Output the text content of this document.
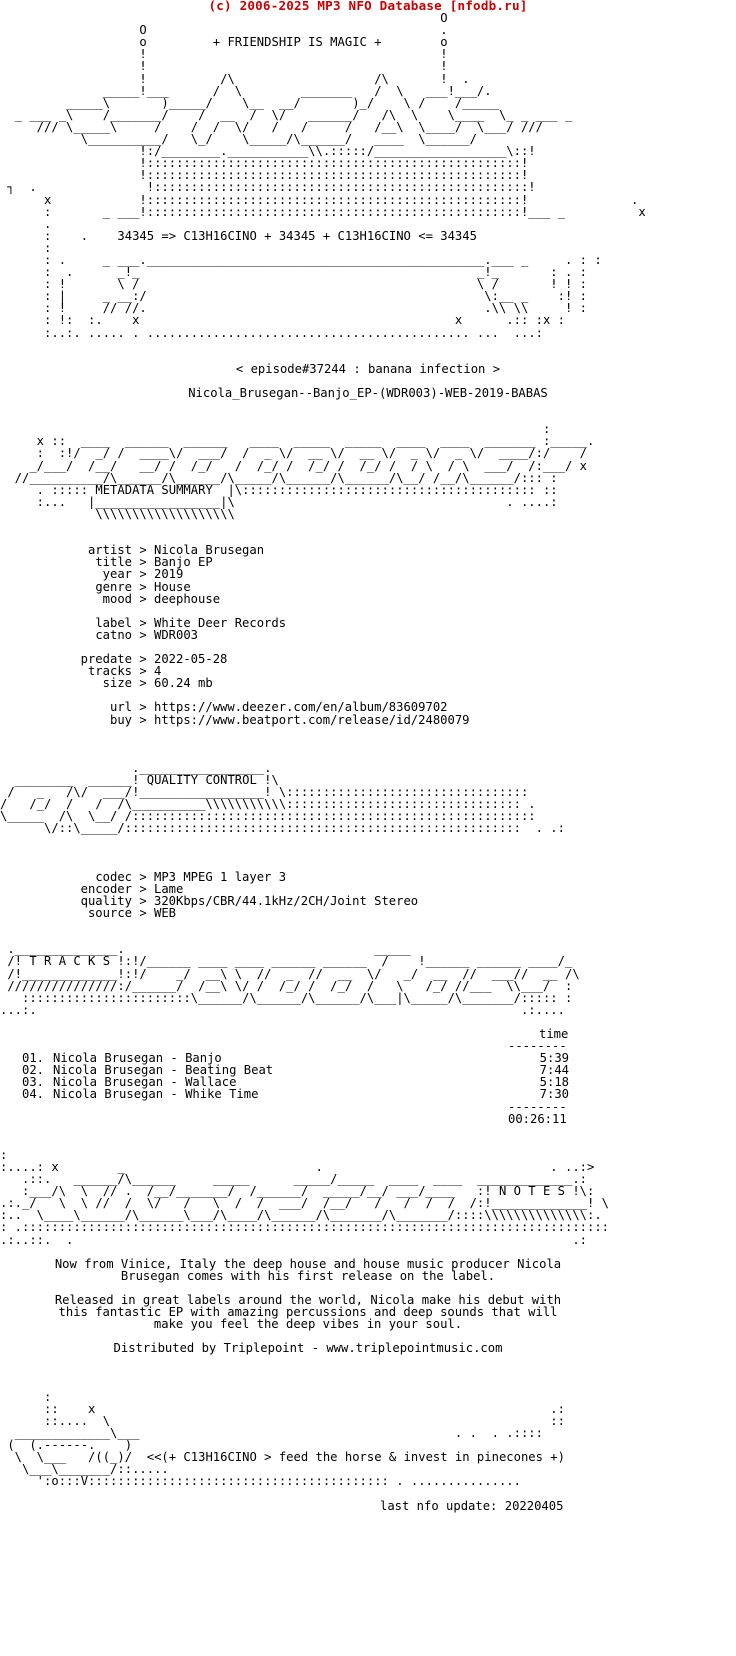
(c) 2006-2025 MP3 NFO Database [nfodb.ru]
O
O                                        .
o         + FRIENDSHIP IS MAGIC +        o
!                                        !
!                                        !
!          /\                   /\       !  .
_____!___      /  \        _______   /  \   ___!___/.
_____\       )_____/    \__  __/       )_/    \ /    /_____
_ ___ _\    /_______/    /  __  /  \/   ______/   /\  \    \____  \_ _ ___ _
/// \_____\     /    /  /  \/   /   /     /   /__\  \____/  \___/ ///
\__________/   \_/    \_____/\______/   ____  \______/
!:/________.___________\\.:::::/__________________\::!
!:::::::::::::::::::::::::::::::::::::::::::::::::::!
!:::::::::::::::::::::::::::::::::::::::::::::::::::!
┐  .               !:::::::::::::::::::::::::::::::::::::::::::::::::::!
x            !:::::::::::::::::::::::::::::::::::::::::::::::::::!              .
:       _ ___!:::::::::::::::::::::::::::::::::::::::::::::::::::!___ _          x
.
:    .    34345 => C13H16CINO + 34345 + C13H16CINO <= 34345
:
: .     _ ___.______________________________________________.___ _     . : :
:  .      _!_                                              _!_       : . :
: !       \ /                                              \ /       ! ! :
: |     _ __:/                                              \:__ _    :! :
: !     // //.                                              .\\ \\     ! :
: !:  :.    x                                           x      .:: :x :
:..:. ..... . ............................................ ...  ...:
< episode#37244 : banana infection >
Nicola_Brusegan--Banjo_EP-(WDR003)-WEB-2019-BABAS
:
x ::  ____  ______  ______   ____  _____  _____  ____  ____  _______ :_____.
:  :!/  _/ /  ____\/  ___/  /  _ \/  __ \/  __ \/  _ \/  _ \/  ____/:/    /
_/___/  /__/   __/ /  /_/   /  /_/ /  /_/ /  /_/ /  / \  / \  ___/  /:___/ x
//__________/\______/\______/\_____/\______/\______/\__/ /__/\______/::: :
. ::::: METADATA SUMMARY  |\:::::::::::::::::::::::::::::::::::::::: ::
:...   |_________________|\                                     . ....:
\\\\\\\\\\\\\\\\\\\
artist > Nicola Brusegan
title > Banjo EP
year > 2019
genre > House
mood > deephouse
label > White Deer Records
catno > WDR003
predate > 2022-05-28
tracks > 4
size > 60.24 mb
url > https://www.deezer.com/en/album/83609702
buy > https://www.beatport.com/release/id/2480079
._________________.
________  ______! QUALITY CONTROL !\
/   _   /\/  ___/!_________________! \:::::::::::::::::::::::::::::::::
/   /_/  /   /  /\__________\\\\\\\\\\\:::::::::::::::::::::::::::::::: .
\_____  /\  \__/ /:::::::::::::::::::::::::::::::::::::::::::::::::::::::
\/::\_____/::::::::::::::::::::::::::::::::::::::::::::::::::::::  . .:
codec > MP3 MPEG 1 layer 3
encoder > Lame
quality > 320Kbps/CBR/44.1kHz/2CH/Joint Stereo
source > WEB
.______________.                                  _____
/! T R A C K S !:!/______ ____ ____ ______ ______  /    !______ ______ ____/_
/!_____________!:!/    _/  __\ \  //  _  //  __  \/   _/  __  //  ___//  __ /\
///////////////:/______/  /__\ \/ /  /_/ /  /_/  /   \   /_/ //___  \\___/  :
:::::::::::::::::::::::\______/\______/\______/\___|\_____/\_______/::::: :
...:.                                                                  .:....
time
--------
01. Nicola Brusegan - Banjo	5:39
02. Nicola Brusegan - Beating Beat	7:44
03. Nicola Brusegan - Wallace	5:18
04. Nicola Brusegan - Whike Time	7:30
--------
00:26:11
:
:....: x        _                          .                               . ..:>
.::.   ______/\______     _____      _____/_____  ____  ____  _____________.:
:___/\  \  // .  /__/_______/  /______/  _____/__/ ___/____   :! N O T E S !\:
.:._/   \  \ //  /  \/   /   \  /  /  ___/  /__/   /   /  /  /  /:!_____________! \
:..  \____\______/\______\___/\____/\______/\_______/\_______/::::\\\\\\\\\\\\\\:.
: .::::::::::::::::::::::::::::::::::::::::::::::::::::::::::::::::::::::::::::::::
.:..::.  .                                                                    .:
Now from Vinice, Italy the deep house and house music producer Nicola
Brusegan comes with his first release on the label.
Released in great labels around the world, Nicola make his debut with
this fantastic EP with amazing percussions and deep sounds that will
make you feel the deep vibes in your soul.
Distributed by Triplepoint - www.triplepointmusic.com
:
::    x                                                              .:
::....  \                                                            ::
_____________\___                                           . .  . .::::
(  (.------.    )
\  \___   /((_)/  <<(+ C13H16CINO > feed the horse & invest in pinecones +)
\___\_______/::.....
':o:::V::::::::::::::::::::::::::::::::::::::::: . ...............
last nfo update: 20220405
